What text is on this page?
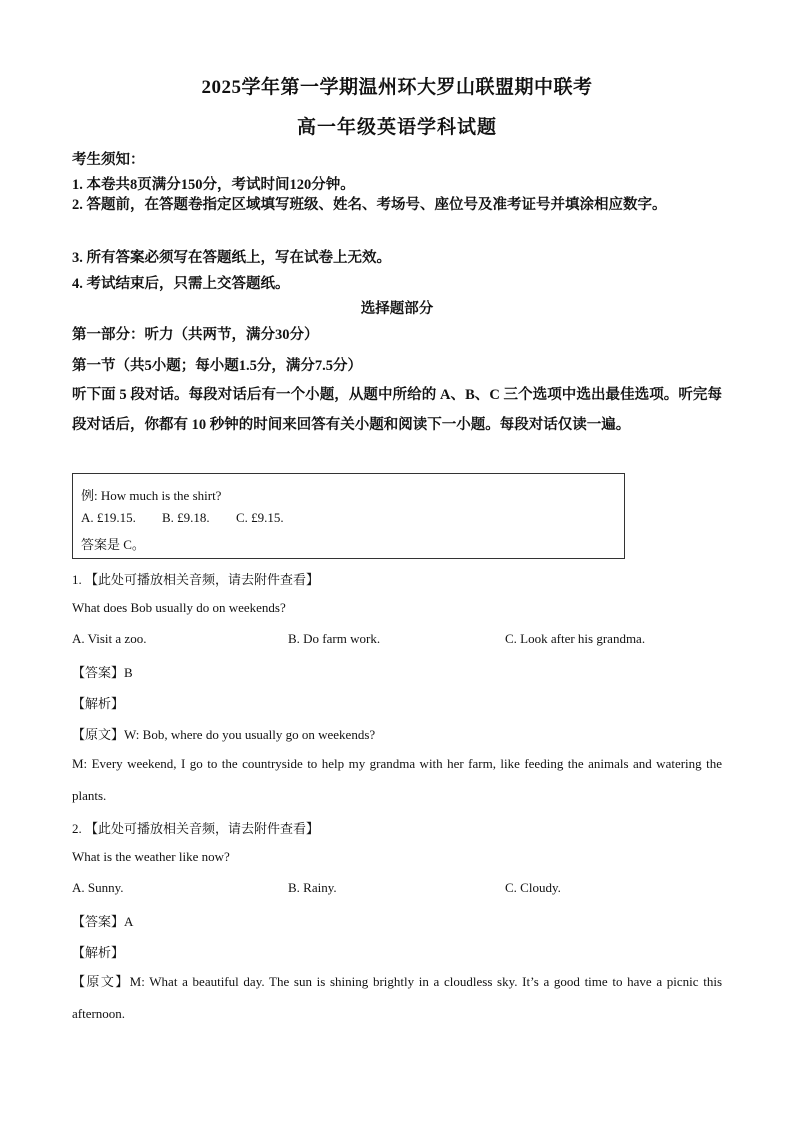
2025学年第一学期温州环大罗山联盟期中联考
高一年级英语学科试题
考生须知：
1. 本卷共8页满分150分，考试时间120分钟。
2. 答题前，在答题卷指定区域填写班级、姓名、考场号、座位号及准考证号并填涂相应数字。
3. 所有答案必须写在答题纸上，写在试卷上无效。
4. 考试结束后，只需上交答题纸。
选择题部分
第一部分：听力（共两节，满分30分）
第一节（共5小题；每小题1.5分，满分7.5分）
听下面 5 段对话。每段对话后有一个小题，从题中所给的 A、B、C 三个选项中选出最佳选项。听完每段对话后，你都有 10 秒钟的时间来回答有关小题和阅读下一小题。每段对话仅读一遍。
例: How much is the shirt?
A. £19.15. B. £9.18. C. £9.15.
答案是 C。
1. 【此处可播放相关音频，请去附件查看】
What does Bob usually do on weekends?
A. Visit a zoo.	B. Do farm work.	C. Look after his grandma.
【答案】B
【解析】
【原文】W: Bob, where do you usually go on weekends?
M: Every weekend, I go to the countryside to help my grandma with her farm, like feeding the animals and watering the plants.
2. 【此处可播放相关音频，请去附件查看】
What is the weather like now?
A. Sunny.	B. Rainy.	C. Cloudy.
【答案】A
【解析】
【原文】M: What a beautiful day. The sun is shining brightly in a cloudless sky. It’s a good time to have a picnic this afternoon.
